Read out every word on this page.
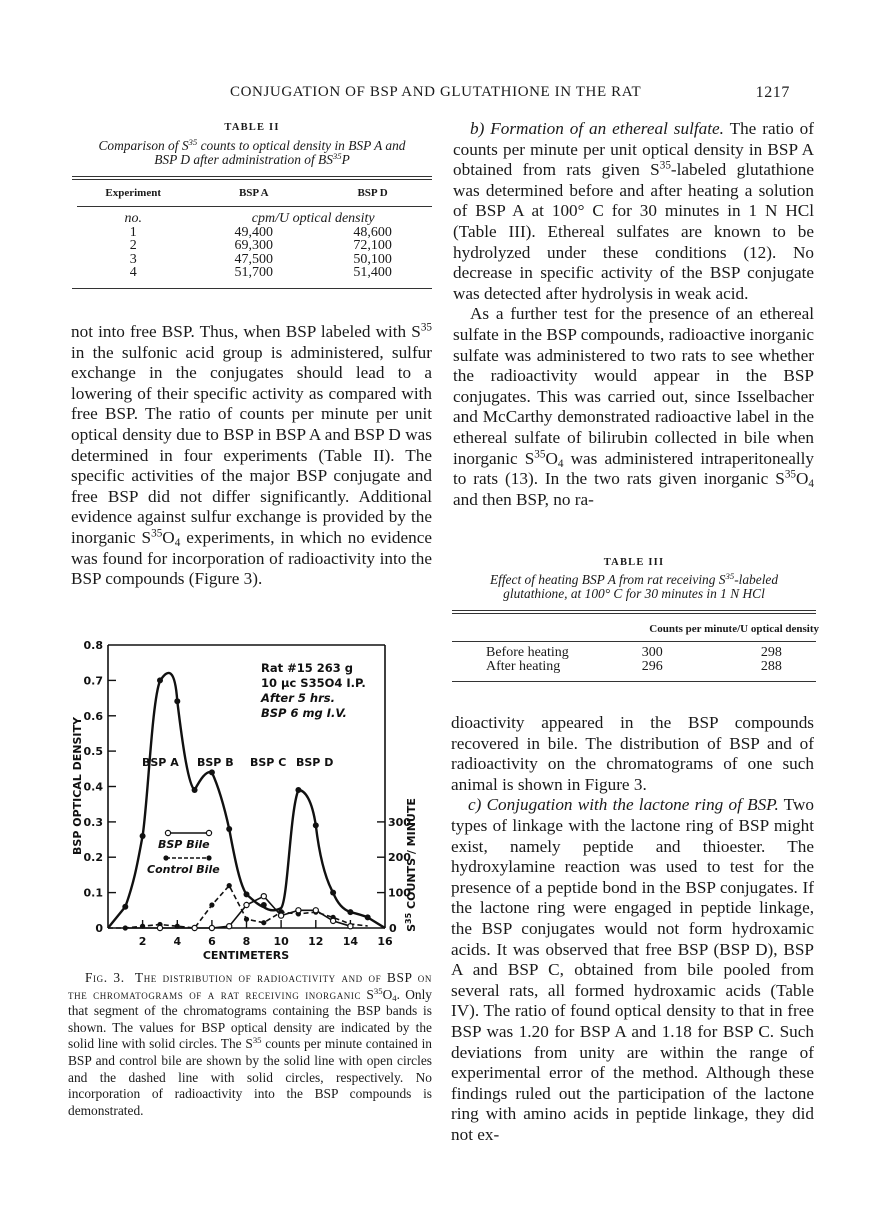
CONJUGATION OF BSP AND GLUTATHIONE IN THE RAT	1217
TABLE II
Comparison of $S^{35}$ counts to optical density in BSP A and
BSP D after administration of BS$^{35}$P
Experiment	BSP A	BSP D
no.	cpm/U optical density	
1	49,400	48,600
2	69,300	72,100
3	47,500	50,100
4	51,700	51,400

not into free BSP. Thus, when BSP labeled with $S^{35}$ in the sulfonic acid group is administered, sulfur exchange in the conjugates should lead to a lowering of their specific activity as compared with free BSP. The ratio of counts per minute per unit optical density due to BSP in BSP A and BSP D was determined in four experiments (Table II). The specific activities of the major BSP conjugate and free BSP did not differ significantly. Additional evidence against sulfur exchange is provided by the inorganic $S^{35}O_4$ experiments, in which no evidence was found for incorporation of radioactivity into the BSP compounds (Figure 3).

0
0.1
0.2
0.3
0.4
0.5
0.6
0.7
0.8
0
100
200
300
2 4 6 8 10 12 14 16
CENTIMETERS
BSP OPTICAL DENSITY
$S^{35}$ COUNTS / MINUTE
Rat #15 263 g
10 µc S35O4 I.P.
After 5 hrs.
BSP 6 mg I.V.
BSP A BSP B BSP C BSP D
BSP Bile
Control Bile
Fig. 3. The distribution of radioactivity and of BSP on the chromatograms of a rat receiving inorganic $S^{35}O_4$. Only that segment of the chromatograms containing the BSP bands is shown. The values for BSP optical density are indicated by the solid line with solid circles. The $S^{35}$ counts per minute contained in BSP and control bile are shown by the solid line with open circles and the dashed line with solid circles, respectively. No incorporation of radioactivity into the BSP compounds is demonstrated.

b) Formation of an ethereal sulfate. The ratio of counts per minute per unit optical density in BSP A obtained from rats given $S^{35}$-labeled glutathione was determined before and after heating a solution of BSP A at 100° C for 30 minutes in 1 N HCl (Table III). Ethereal sulfates are known to be hydrolyzed under these conditions (12). No decrease in specific activity of the BSP conjugate was detected after hydrolysis in weak acid.

As a further test for the presence of an ethereal sulfate in the BSP compounds, radioactive inorganic sulfate was administered to two rats to see whether the radioactivity would appear in the BSP conjugates. This was carried out, since Isselbacher and McCarthy demonstrated radioactive label in the ethereal sulfate of bilirubin collected in bile when inorganic $S^{35}O_4$ was administered intraperitoneally to rats (13). In the two rats given inorganic $S^{35}O_4$ and then BSP, no ra-

TABLE III
Effect of heating BSP A from rat receiving $S^{35}$-labeled
glutathione, at 100° C for 30 minutes in 1 N HCl
Counts per minute/U optical density
Before heating	300	298
After heating	296	288

dioactivity appeared in the BSP compounds recovered in bile. The distribution of BSP and of radioactivity on the chromatograms of one such animal is shown in Figure 3.

c) Conjugation with the lactone ring of BSP. Two types of linkage with the lactone ring of BSP might exist, namely peptide and thioester. The hydroxylamine reaction was used to test for the presence of a peptide bond in the BSP conjugates. If the lactone ring were engaged in peptide linkage, the BSP conjugates would not form hydroxamic acids. It was observed that free BSP (BSP D), BSP A and BSP C, obtained from bile pooled from several rats, all formed hydroxamic acids (Table IV). The ratio of found optical density to that in free BSP was 1.20 for BSP A and 1.18 for BSP C. Such deviations from unity are within the range of experimental error of the method. Although these findings ruled out the participation of the lactone ring with amino acids in peptide linkage, they did not ex-
